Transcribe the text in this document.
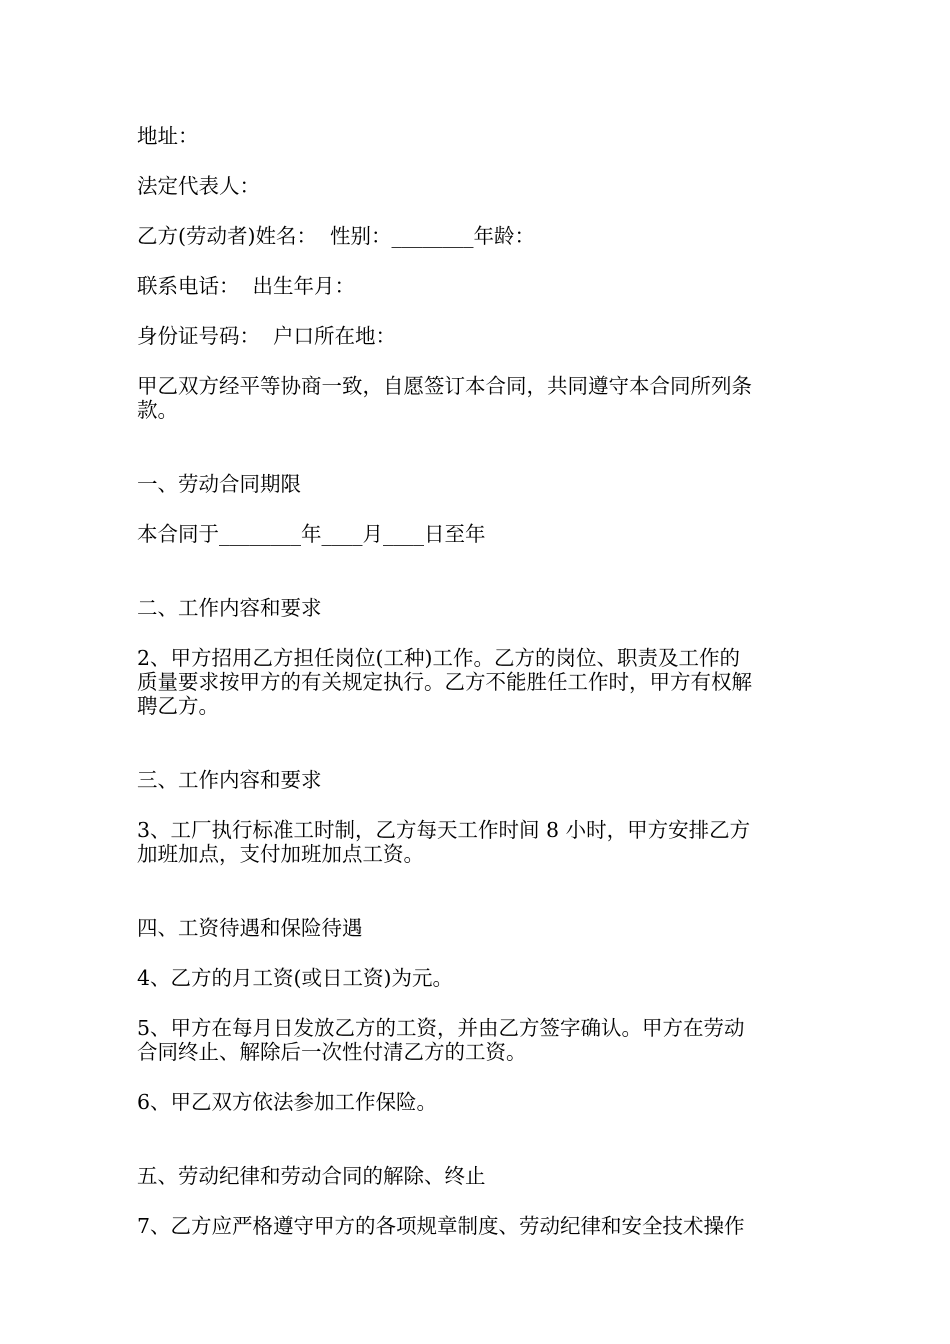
地址：

法定代表人：

乙方(劳动者)姓名：  性别：________年龄：

联系电话：  出生年月：

身份证号码：  户口所在地：

甲乙双方经平等协商一致，自愿签订本合同，共同遵守本合同所列条

款。

一、劳动合同期限

本合同于________年____月____日至年

二、工作内容和要求

2、甲方招用乙方担任岗位(工种)工作。乙方的岗位、职责及工作的

质量要求按甲方的有关规定执行。乙方不能胜任工作时，甲方有权解

聘乙方。

三、工作内容和要求

3、工厂执行标准工时制，乙方每天工作时间 8 小时，甲方安排乙方

加班加点，支付加班加点工资。

四、工资待遇和保险待遇

4、乙方的月工资(或日工资)为元。

5、甲方在每月日发放乙方的工资，并由乙方签字确认。甲方在劳动

合同终止、解除后一次性付清乙方的工资。

6、甲乙双方依法参加工作保险。

五、劳动纪律和劳动合同的解除、终止

7、乙方应严格遵守甲方的各项规章制度、劳动纪律和安全技术操作
